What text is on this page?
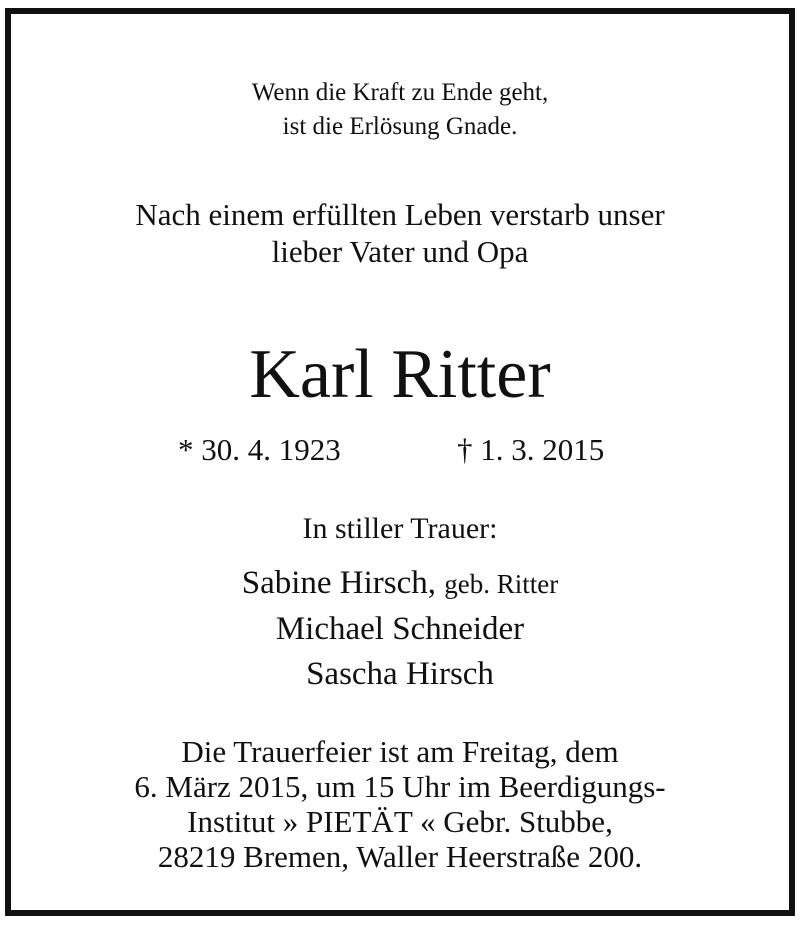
Wenn die Kraft zu Ende geht,
ist die Erlösung Gnade.
Nach einem erfüllten Leben verstarb unser
lieber Vater und Opa
Karl Ritter
* 30. 4. 1923	† 1. 3. 2015
In stiller Trauer:
Sabine Hirsch, geb. Ritter
Michael Schneider
Sascha Hirsch
Die Trauerfeier ist am Freitag, dem
6. März 2015, um 15 Uhr im Beerdigungs-
Institut » PIETÄT « Gebr. Stubbe,
28219 Bremen, Waller Heerstraße 200.
